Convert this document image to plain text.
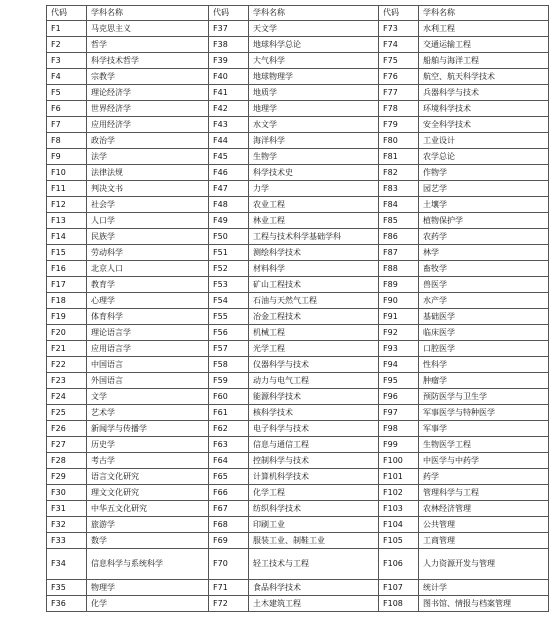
代码	学科名称	代码	学科名称	代码	学科名称
F1	马克思主义	F37	天文学	F73	水利工程
F2	哲学	F38	地球科学总论	F74	交通运输工程
F3	科学技术哲学	F39	大气科学	F75	船舶与海洋工程
F4	宗教学	F40	地球物理学	F76	航空、航天科学技术
F5	理论经济学	F41	地质学	F77	兵器科学与技术
F6	世界经济学	F42	地理学	F78	环境科学技术
F7	应用经济学	F43	水文学	F79	安全科学技术
F8	政治学	F44	海洋科学	F80	工业设计
F9	法学	F45	生物学	F81	农学总论
F10	法律法规	F46	科学技术史	F82	作物学
F11	判决文书	F47	力学	F83	园艺学
F12	社会学	F48	农业工程	F84	土壤学
F13	人口学	F49	林业工程	F85	植物保护学
F14	民族学	F50	工程与技术科学基础学科	F86	农药学
F15	劳动科学	F51	测绘科学技术	F87	林学
F16	北京人口	F52	材料科学	F88	畜牧学
F17	教育学	F53	矿山工程技术	F89	兽医学
F18	心理学	F54	石油与天然气工程	F90	水产学
F19	体育科学	F55	冶金工程技术	F91	基础医学
F20	理论语言学	F56	机械工程	F92	临床医学
F21	应用语言学	F57	光学工程	F93	口腔医学
F22	中国语言	F58	仪器科学与技术	F94	性科学
F23	外国语言	F59	动力与电气工程	F95	肿瘤学
F24	文学	F60	能源科学技术	F96	预防医学与卫生学
F25	艺术学	F61	核科学技术	F97	军事医学与特种医学
F26	新闻学与传播学	F62	电子科学与技术	F98	军事学
F27	历史学	F63	信息与通信工程	F99	生物医学工程
F28	考古学	F64	控制科学与技术	F100	中医学与中药学
F29	语言文化研究	F65	计算机科学技术	F101	药学
F30	理文文化研究	F66	化学工程	F102	管理科学与工程
F31	中华五文化研究	F67	纺织科学技术	F103	农林经济管理
F32	旅游学	F68	印刷工业	F104	公共管理
F33	数学	F69	服装工业、制鞋工业	F105	工商管理
F34	信息科学与系统科学	F70	轻工技术与工程	F106	人力资源开发与管理
F35	物理学	F71	食品科学技术	F107	统计学
F36	化学	F72	土木建筑工程	F108	图书馆、情报与档案管理
